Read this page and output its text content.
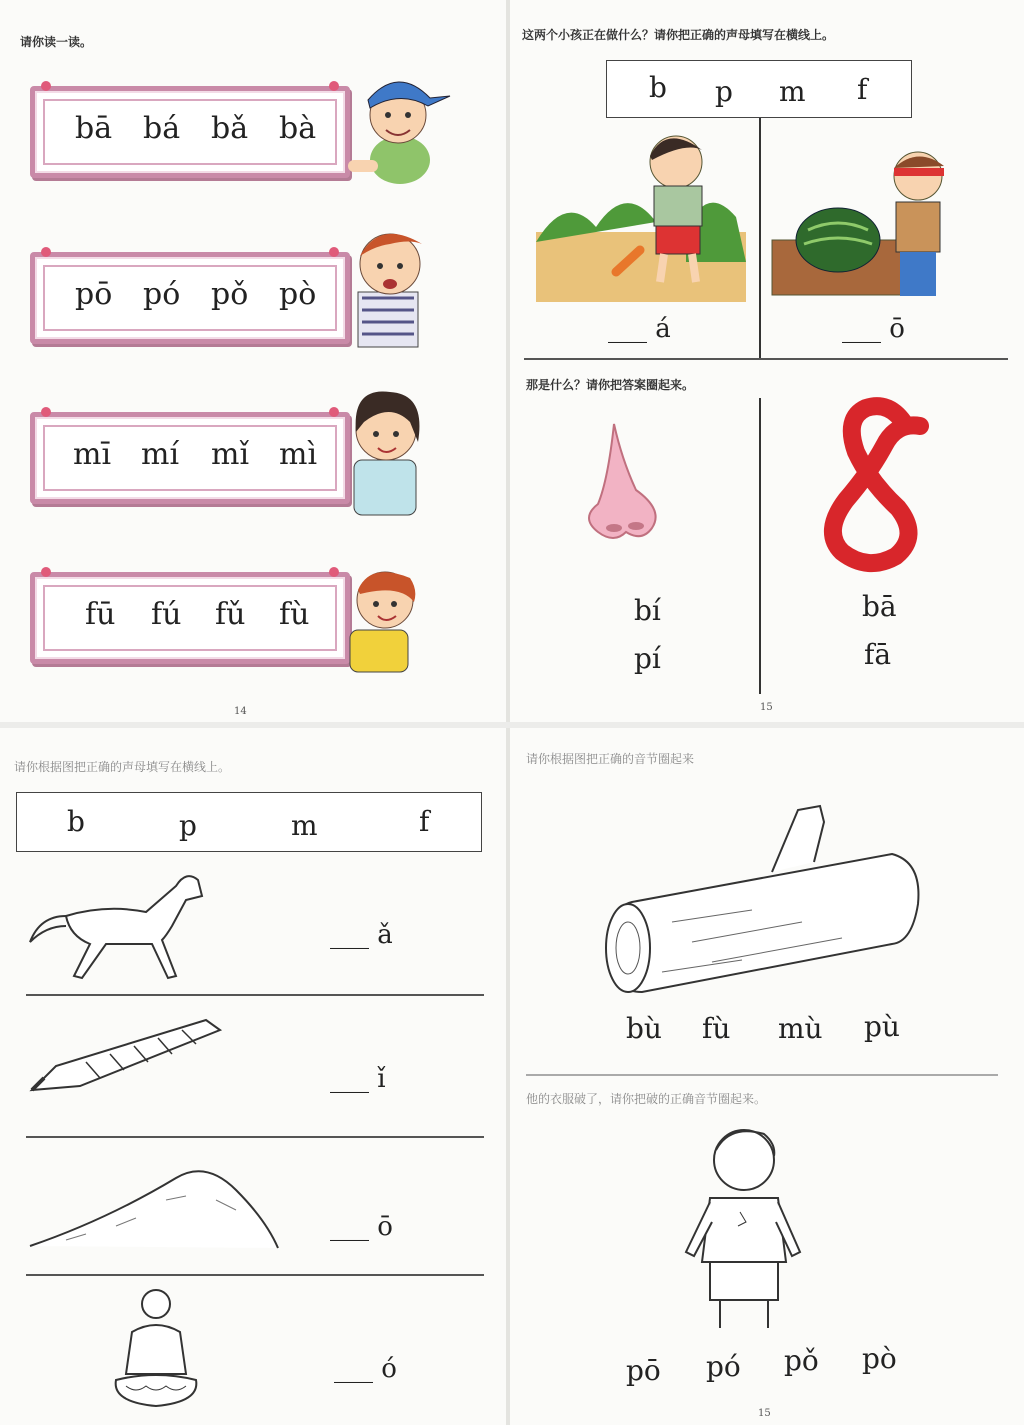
请你读一读。
bā bá bǎ bà
pō pó pǒ pò
mī mí mǐ mì
fū fú fǔ fù
14
这两个小孩正在做什么？请你把正确的声母填写在横线上。
b p m f
___ á	___ ō
那是什么？请你把答案圈起来。
bí
pí
bā
fā
15
请你根据图把正确的声母填写在横线上。
b	p	m	f
___ ǎ
___ ǐ
___ ō
___ ó
请你根据图把正确的音节圈起来
bù fù mù pù
他的衣服破了，请你把破的正确音节圈起来。
pō pó pǒ pò
15
